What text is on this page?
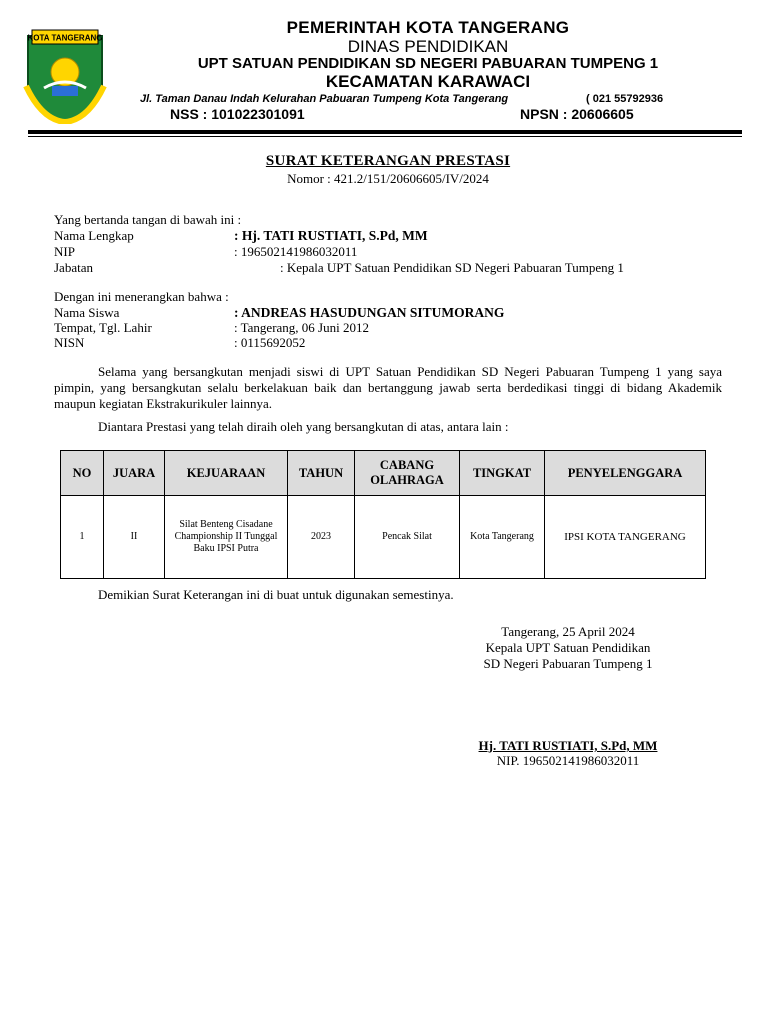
KOTA TANGERANG
PEMERINTAH KOTA TANGERANG
DINAS PENDIDIKAN
UPT SATUAN PENDIDIKAN SD NEGERI PABUARAN TUMPENG 1
KECAMATAN KARAWACI
Jl. Taman Danau Indah Kelurahan Pabuaran Tumpeng Kota Tangerang	( 021 55792936
NSS : 101022301091	NPSN : 20606605
SURAT KETERANGAN PRESTASI
Nomor : 421.2/151/20606605/IV/2024
Yang bertanda tangan di bawah ini :
Nama Lengkap	: Hj. TATI RUSTIATI, S.Pd, MM
NIP	: 196502141986032011
Jabatan	: Kepala UPT Satuan Pendidikan SD Negeri Pabuaran Tumpeng 1
Dengan ini menerangkan bahwa :
Nama Siswa	: ANDREAS HASUDUNGAN SITUMORANG
Tempat, Tgl. Lahir	: Tangerang, 06 Juni 2012
NISN	: 0115692052
Selama yang bersangkutan menjadi siswi di UPT Satuan Pendidikan SD Negeri Pabuaran Tumpeng 1 yang saya pimpin, yang bersangkutan selalu berkelakuan baik dan bertanggung jawab serta berdedikasi tinggi di bidang Akademik maupun kegiatan Ekstrakurikuler lainnya.
Diantara Prestasi yang telah diraih oleh yang bersangkutan di atas, antara lain :
NO	JUARA	KEJUARAAN	TAHUN	CABANG OLAHRAGA	TINGKAT	PENYELENGGARA
1	II	Silat Benteng Cisadane Championship II Tunggal Baku IPSI Putra	2023	Pencak Silat	Kota Tangerang	IPSI KOTA TANGERANG
Demikian Surat Keterangan ini di buat untuk digunakan semestinya.
Tangerang, 25 April 2024
Kepala UPT Satuan Pendidikan
SD Negeri Pabuaran Tumpeng 1
Hj. TATI RUSTIATI, S.Pd, MM
NIP. 196502141986032011
